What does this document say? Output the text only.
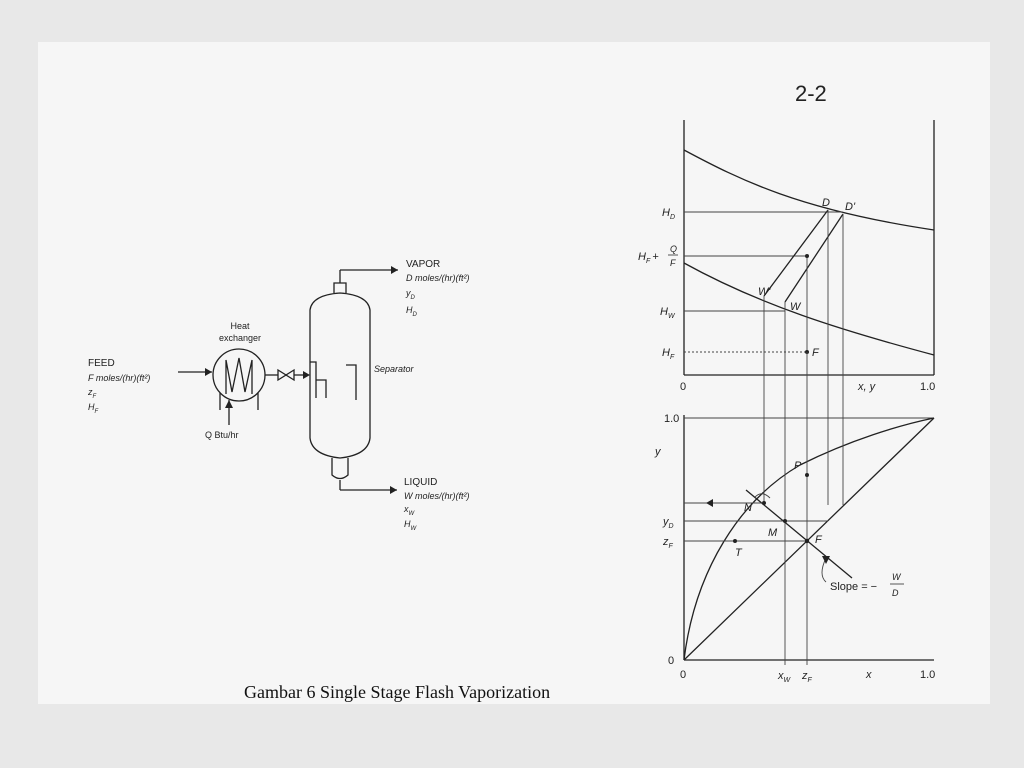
2-2
FEED
F moles/(hr)(ft²)
$z_F$
$H_F$
Heat
exchanger
Q Btu/hr
Separator
VAPOR
D moles/(hr)(ft²)
$y_D$
$H_D$
LIQUID
W moles/(hr)(ft²)
$x_W$
$H_W$
$H_D$
$H_F$ +
Q
F
$H_W$
$H_F$
D D'
W
W'
F
0	x, y	1.0
1.0
y
0
$y_D$
$z_F$
P
N
M
F
T
Slope = −
W
D
0	$x_W$ $z_F$	x	1.0
Gambar 6 Single Stage Flash Vaporization
